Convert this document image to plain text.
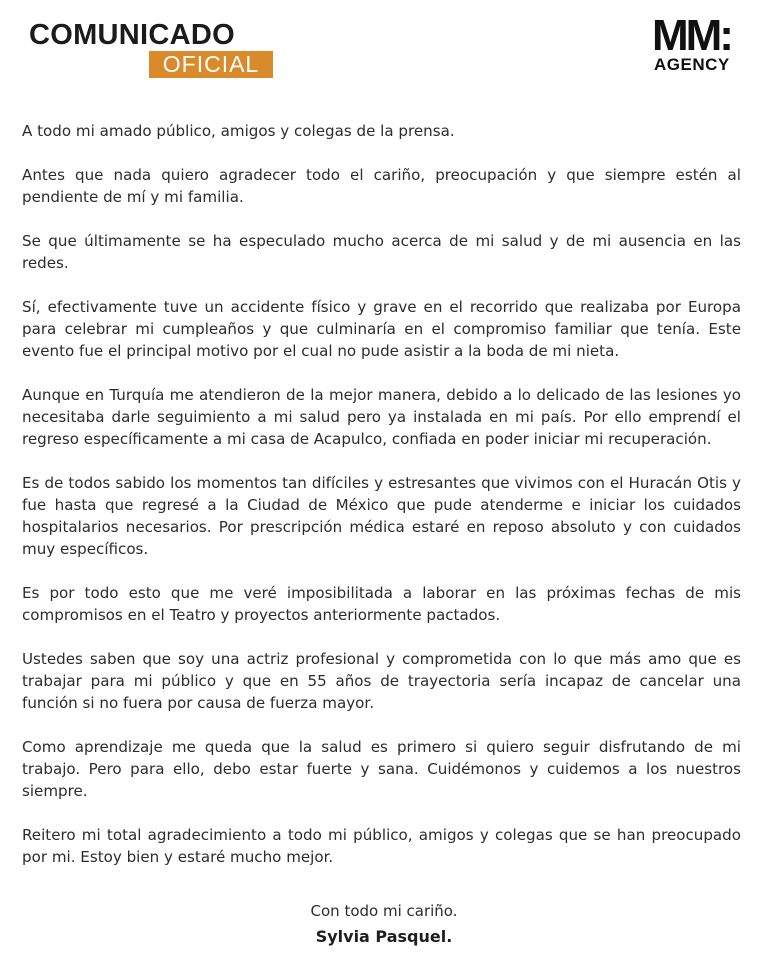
COMUNICADO
OFICIAL
MM:
AGENCY

A todo mi amado público, amigos y colegas de la prensa.

Antes que nada quiero agradecer todo el cariño, preocupación y que siempre estén al pendiente de mí y mi familia.

Se que últimamente se ha especulado mucho acerca de mi salud y de mi ausencia en las redes.

Sí, efectivamente tuve un accidente físico y grave en el recorrido que realizaba por Europa para celebrar mi cumpleaños y que culminaría en el compromiso familiar que tenía. Este evento fue el principal motivo por el cual no pude asistir a la boda de mi nieta.

Aunque en Turquía me atendieron de la mejor manera, debido a lo delicado de las lesiones yo necesitaba darle seguimiento a mi salud pero ya instalada en mi país. Por ello emprendí el regreso específicamente a mi casa de Acapulco, confiada en poder iniciar mi recuperación.

Es de todos sabido los momentos tan difíciles y estresantes que vivimos con el Huracán Otis y fue hasta que regresé a la Ciudad de México que pude atenderme e iniciar los cuidados hospitalarios necesarios. Por prescripción médica estaré en reposo absoluto y con cuidados muy específicos.

Es por todo esto que me veré imposibilitada a laborar en las próximas fechas de mis compromisos en el Teatro y proyectos anteriormente pactados.

Ustedes saben que soy una actriz profesional y comprometida con lo que más amo que es trabajar para mi público y que en 55 años de trayectoria sería incapaz de cancelar una función si no fuera por causa de fuerza mayor.

Como aprendizaje me queda que la salud es primero si quiero seguir disfrutando de mi trabajo. Pero para ello, debo estar fuerte y sana. Cuidémonos y cuidemos a los nuestros siempre.

Reitero mi total agradecimiento a todo mi público, amigos y colegas que se han preocupado por mi. Estoy bien y estaré mucho mejor.

Con todo mi cariño.
Sylvia Pasquel.
